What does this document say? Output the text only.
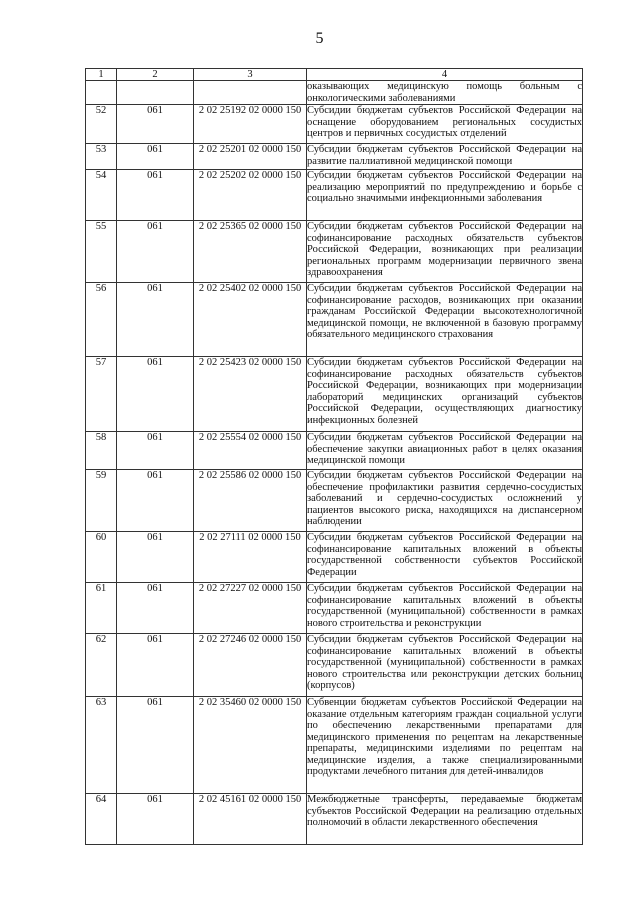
5
1	2	3	4
			оказывающих медицинскую помощь больным с онкологическими заболеваниями
52	061	2 02 25192 02 0000 150	Субсидии бюджетам субъектов Российской Федерации на оснащение оборудованием региональных сосудистых центров и первичных сосудистых отделений
53	061	2 02 25201 02 0000 150	Субсидии бюджетам субъектов Российской Федерации на развитие паллиативной медицинской помощи
54	061	2 02 25202 02 0000 150	Субсидии бюджетам субъектов Российской Федерации на реализацию мероприятий по предупреждению и борьбе с социально значимыми инфекционными заболевания
55	061	2 02 25365 02 0000 150	Субсидии бюджетам субъектов Российской Федерации на софинансирование расходных обязательств субъектов Российской Федерации, возникающих при реализации региональных программ модернизации первичного звена здравоохранения
56	061	2 02 25402 02 0000 150	Субсидии бюджетам субъектов Российской Федерации на софинансирование расходов, возникающих при оказании гражданам Российской Федерации высокотехнологичной медицинской помощи, не включенной в базовую программу обязательного медицинского страхования
57	061	2 02 25423 02 0000 150	Субсидии бюджетам субъектов Российской Федерации на софинансирование расходных обязательств субъектов Российской Федерации, возникающих при модернизации лабораторий медицинских организаций субъектов Российской Федерации, осуществляющих диагностику инфекционных болезней
58	061	2 02 25554 02 0000 150	Субсидии бюджетам субъектов Российской Федерации на обеспечение закупки авиационных работ в целях оказания медицинской помощи
59	061	2 02 25586 02 0000 150	Субсидии бюджетам субъектов Российской Федерации на обеспечение профилактики развития сердечно-сосудистых заболеваний и сердечно-сосудистых осложнений у пациентов высокого риска, находящихся на диспансерном наблюдении
60	061	2 02 27111 02 0000 150	Субсидии бюджетам субъектов Российской Федерации на софинансирование капитальных вложений в объекты государственной собственности субъектов Российской Федерации
61	061	2 02 27227 02 0000 150	Субсидии бюджетам субъектов Российской Федерации на софинансирование капитальных вложений в объекты государственной (муниципальной) собственности в рамках нового строительства и реконструкции
62	061	2 02 27246 02 0000 150	Субсидии бюджетам субъектов Российской Федерации на софинансирование капитальных вложений в объекты государственной (муниципальной) собственности в рамках нового строительства или реконструкции детских больниц (корпусов)
63	061	2 02 35460 02 0000 150	Субвенции бюджетам субъектов Российской Федерации на оказание отдельным категориям граждан социальной услуги по обеспечению лекарственными препаратами для медицинского применения по рецептам на лекарственные препараты, медицинскими изделиями по рецептам на медицинские изделия, а также специализированными продуктами лечебного питания для детей-инвалидов
64	061	2 02 45161 02 0000 150	Межбюджетные трансферты, передаваемые бюджетам субъектов Российской Федерации на реализацию отдельных полномочий в области лекарственного обеспечения
